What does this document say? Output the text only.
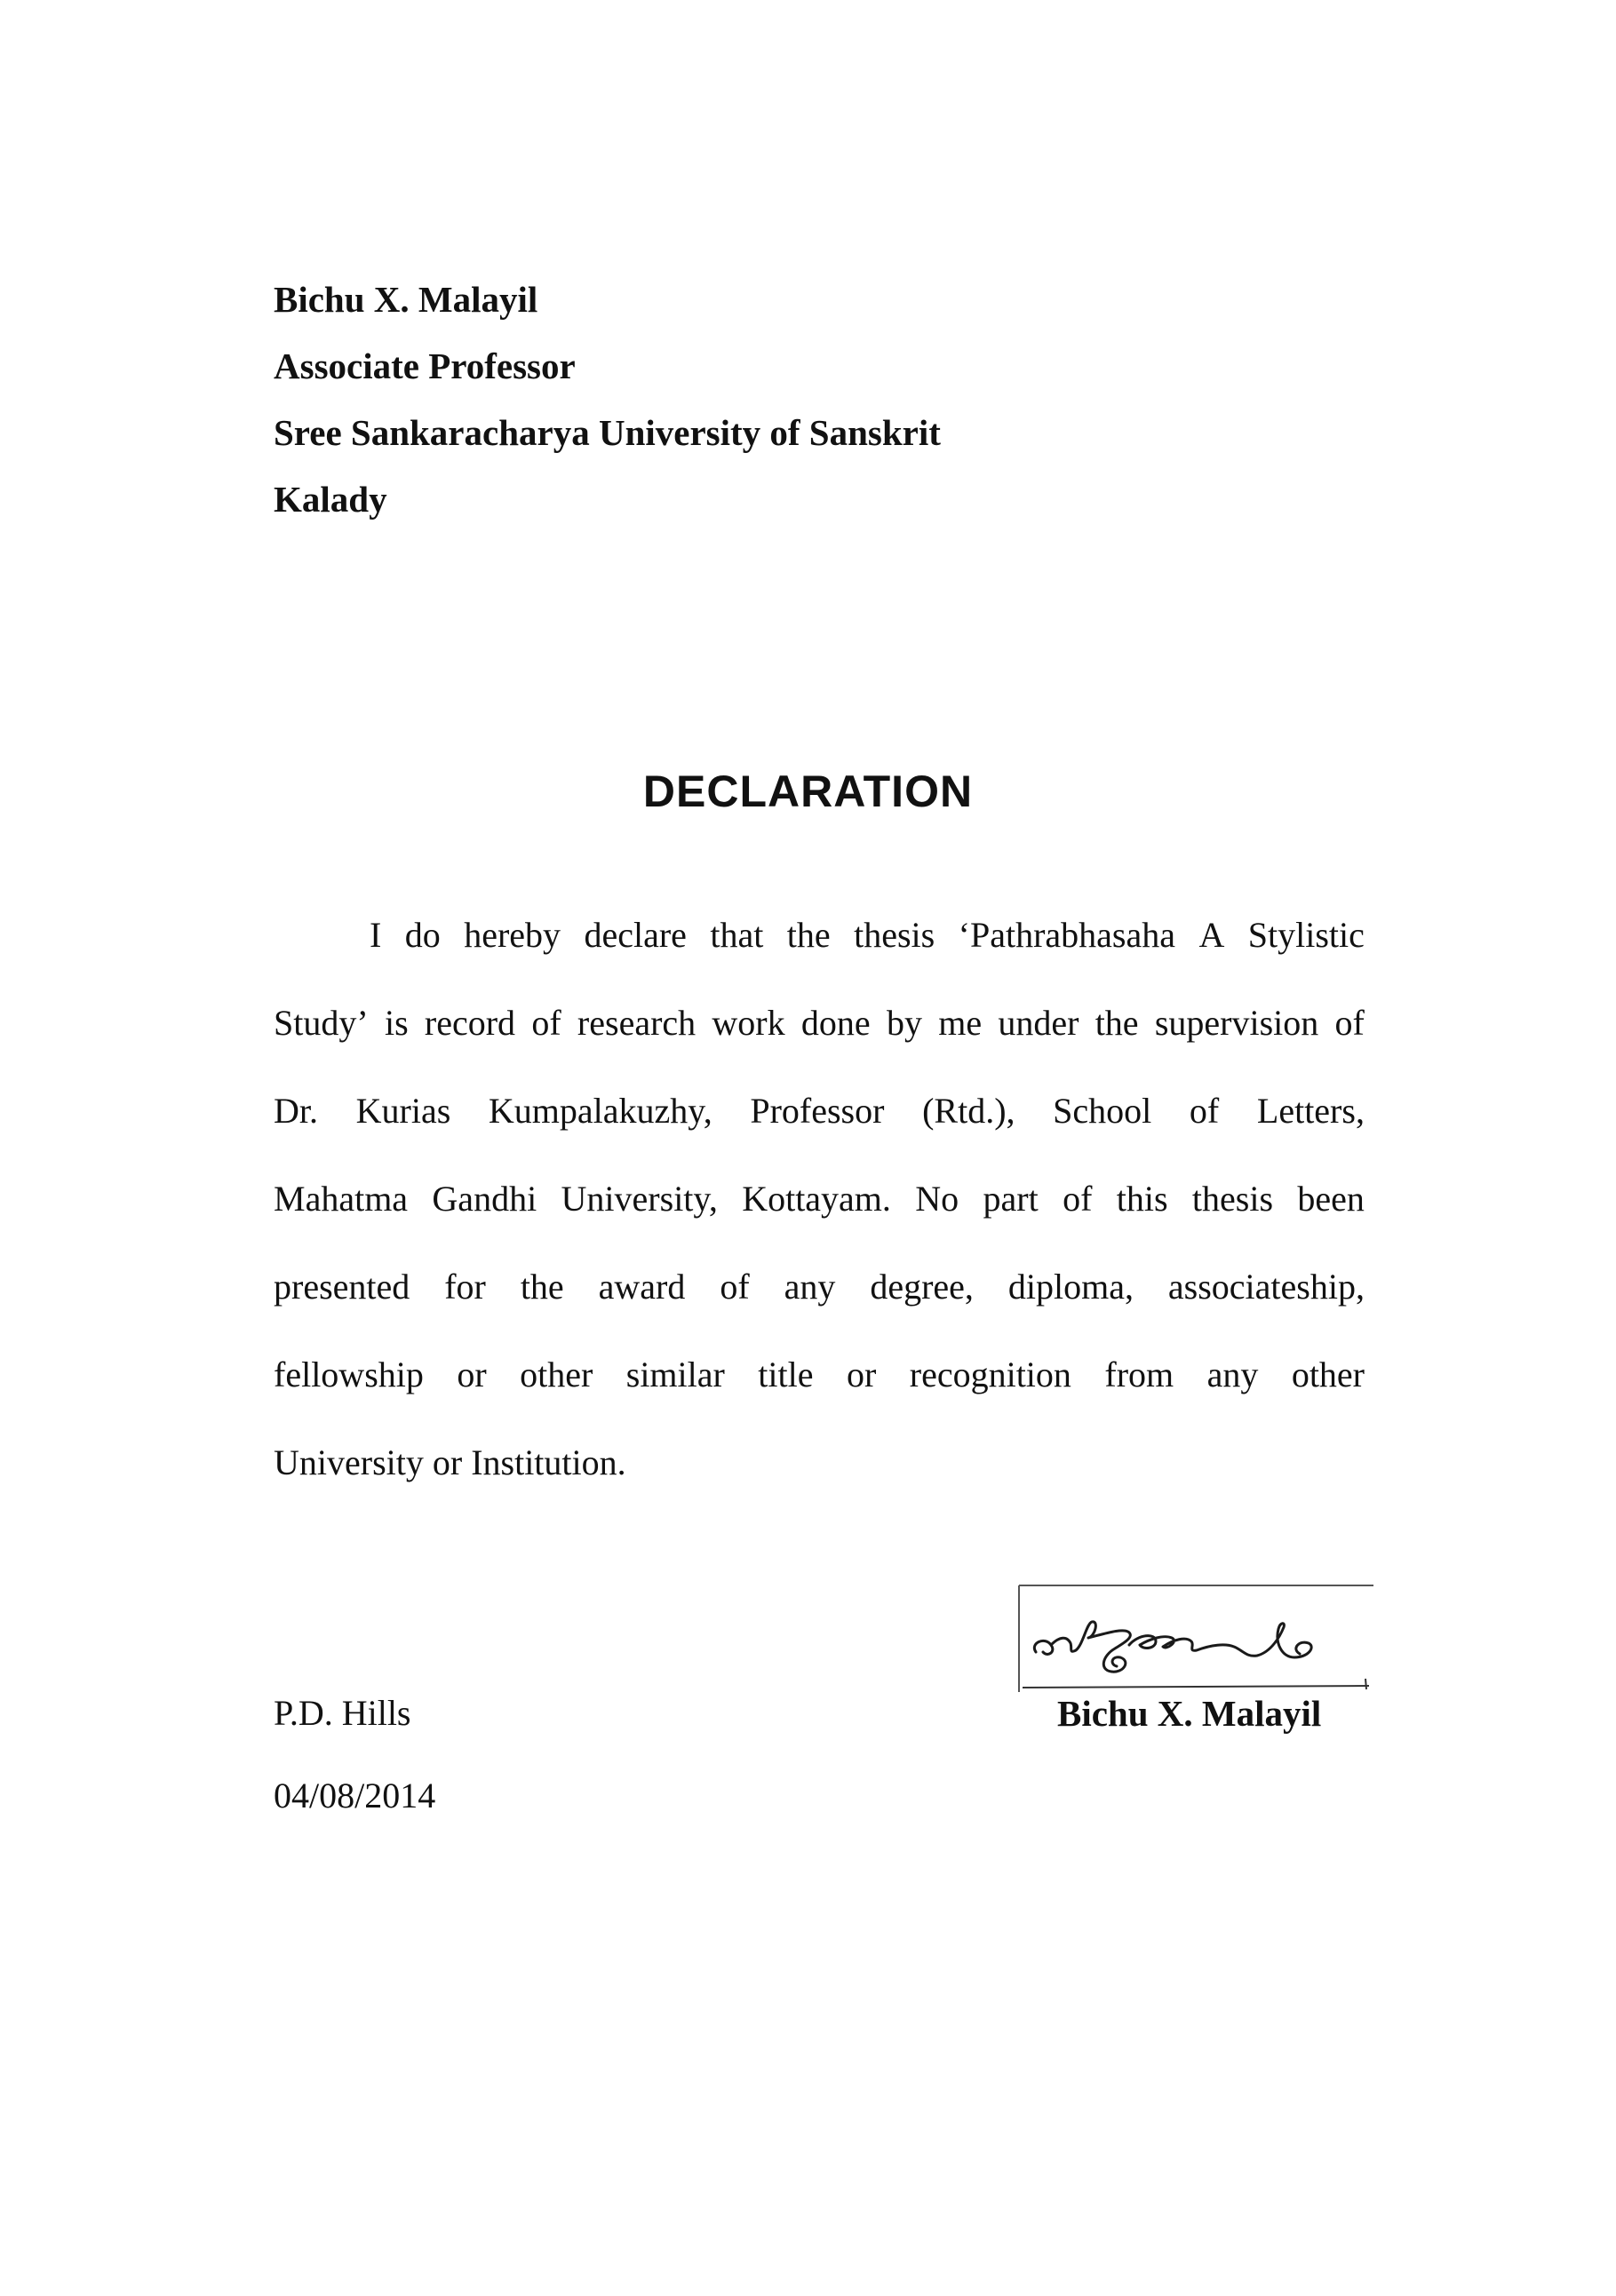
Bichu X. Malayil
Associate Professor
Sree Sankaracharya University of Sanskrit
Kalady
DECLARATION
I do hereby declare that the thesis ‘Pathrabhasaha A Stylistic
Study’ is record of research work done by me under the supervision of
Dr. Kurias Kumpalakuzhy, Professor (Rtd.), School of Letters,
Mahatma Gandhi University, Kottayam. No part of this thesis been
presented for the award of any degree, diploma, associateship,
fellowship or other similar title or recognition from any other
University or Institution.
P.D. Hills
04/08/2014
Bichu X. Malayil
